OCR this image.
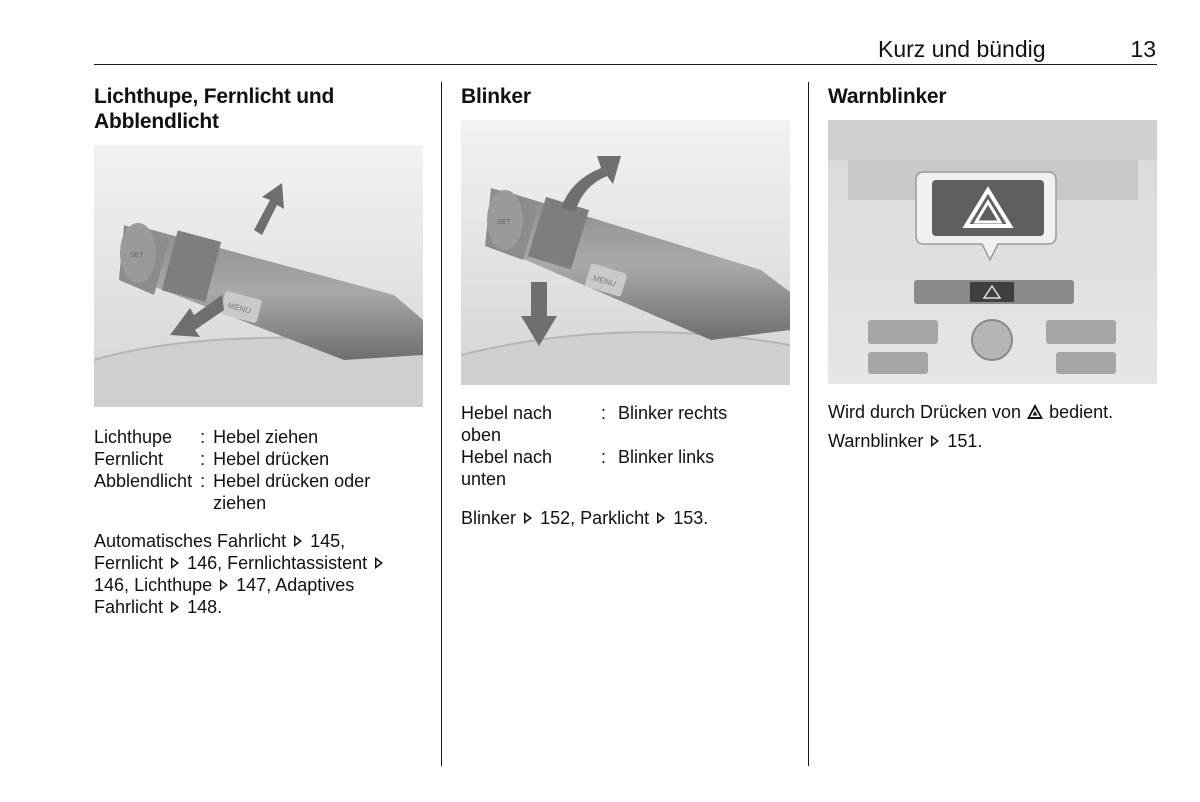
Kurz und bündig	13
Lichthupe, Fernlicht und Abblendlicht
MENU
SET
Lichthupe	:	Hebel ziehen
Fernlicht	:	Hebel drücken
Abblendlicht	:	Hebel drücken oder ziehen
Automatisches Fahrlicht 145, Fernlicht 146, Fernlichtassistent  146, Lichthupe 147, Adaptives Fahrlicht 148.
Blinker
MENU
SET
Hebel nach oben	:	Blinker rechts
Hebel nach unten	:	Blinker links
Blinker 152, Parklicht 153.
Warnblinker
Wird durch Drücken von bedient.
Warnblinker 151.
